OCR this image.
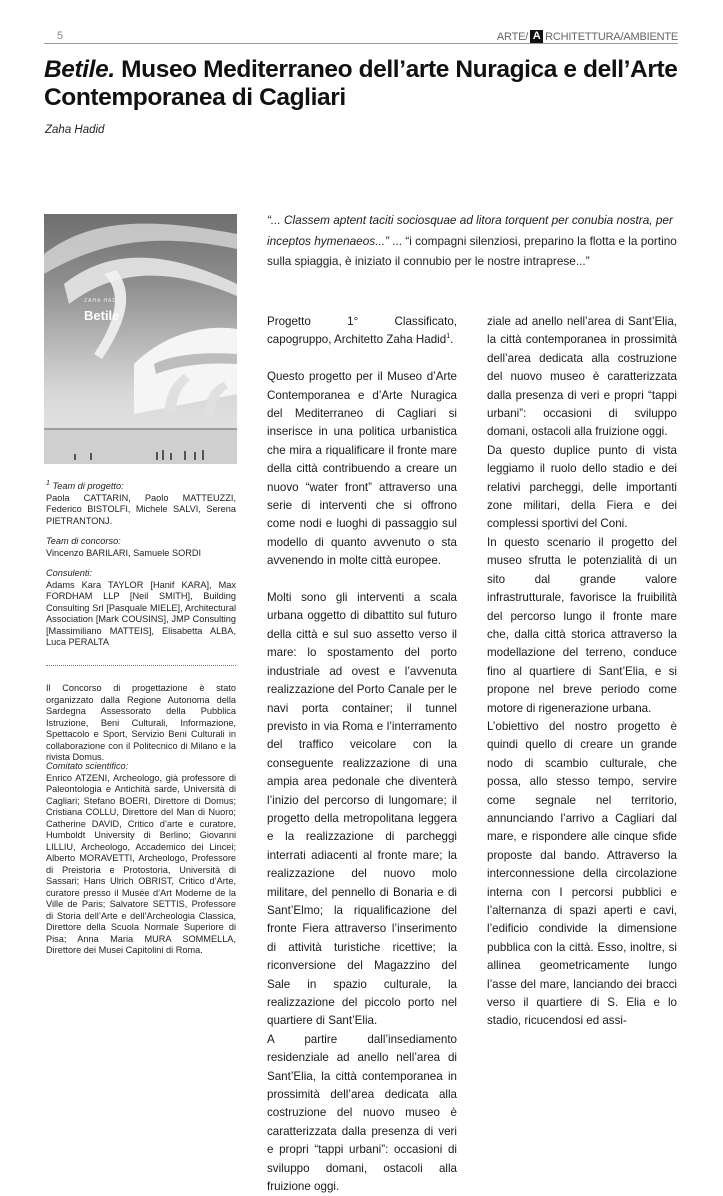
5	ARTE/ A RCHITETTURA/AMBIENTE
Betile. Museo Mediterraneo dell’arte Nuragica e dell’Arte Contemporanea di Cagliari
Zaha Hadid
ZAHA HADID
Betile
“... Classem aptent taciti sociosquae ad litora torquent per conubia nostra, per inceptos hymenaeos...” ... “i compagni silenziosi, preparino la flotta e la portino sulla spiaggia, è iniziato il connubio per le nostre intraprese...”
$^1$ Team di progetto:
Paola CATTARIN, Paolo MATTEUZZI, Federico BISTOLFI, Michele SALVI, Serena PIETRANTONJ.
Team di concorso:
Vincenzo BARILARI, Samuele SORDI
Consulenti:
Adams Kara TAYLOR [Hanif KARA], Max FORDHAM LLP [Neil SMITH], Building Consulting Srl [Pasquale MIELE], Architectural Association [Mark COUSINS], JMP Consulting [Massimiliano MATTEIS], Elisabetta ALBA, Luca PERALTA
Il Concorso di progettazione è stato organizzato dalla Regione Autonoma della Sardegna Assessorato della Pubblica Istruzione, Beni Culturali, Informazione, Spettacolo e Sport, Servizio Beni Culturali in collaborazione con il Politecnico di Milano e la rivista Domus.
Comitato scientifico:
Enrico ATZENI, Archeologo, già professore di Paleontologia e Antichità sarde, Università di Cagliari; Stefano BOERI, Direttore di Domus; Cristiana COLLU, Direttore del Man di Nuoro; Catherine DAVID, Critico d’arte e curatore, Humboldt University di Berlino; Giovanni LILLIU, Archeologo, Accademico dei Lincei; Alberto MORAVETTI, Archeologo, Professore di Preistoria e Protostoria, Università di Sassari; Hans Ulrich OBRIST, Critico d’Arte, curatore presso il Musée d’Art Moderne de la Ville de Paris; Salvatore SETTIS, Professore di Storia dell’Arte e dell’Archeologia Classica, Direttore della Scuola Normale Superiore di Pisa; Anna Maria MURA SOMMELLA, Direttore dei Musei Capitolini di Roma.

Progetto 1° Classificato, capogruppo, Architetto Zaha Hadid$^1$.

Questo progetto per il Museo d’Arte Contemporanea e d’Arte Nuragica del Mediterraneo di Cagliari si inserisce in una politica urbanistica che mira a riqualificare il fronte mare della città contribuendo a creare un nuovo “water front” attraverso una serie di interventi che si offrono come nodi e luoghi di passaggio sul modello di quanto avvenuto o sta avvenendo in molte città europee.

Molti sono gli interventi a scala urbana oggetto di dibattito sul futuro della città e sul suo assetto verso il mare: lo spostamento del porto industriale ad ovest e l’avvenuta realizzazione del Porto Canale per le navi porta container; il tunnel previsto in via Roma e l’interramento del traffico veicolare con la conseguente realizzazione di una ampia area pedonale che diventerà l’inizio del percorso di lungomare; il progetto della metropolitana leggera e la realizzazione di parcheggi interrati adiacenti al fronte mare; la realizzazione del nuovo molo militare, del pennello di Bonaria e di Sant’Elmo; la riqualificazione del fronte Fiera attraverso l’inserimento di attività turistiche ricettive; la riconversione del Magazzino del Sale in spazio culturale, la realizzazione del piccolo porto nel quartiere di Sant’Elia.

A partire dall’insediamento residenziale ad anello nell’area di Sant’Elia, la città contemporanea in prossimità dell’area dedicata alla costruzione del nuovo museo è caratterizzata dalla presenza di veri e propri “tappi urbani”: occasioni di sviluppo domani, ostacoli alla fruizione oggi.

ziale ad anello nell’area di Sant’Elia, la città contemporanea in prossimità dell’area dedicata alla costruzione del nuovo museo è caratterizzata dalla presenza di veri e propri “tappi urbani”: occasioni di sviluppo domani, ostacoli alla fruizione oggi.

Da questo duplice punto di vista leggiamo il ruolo dello stadio e dei relativi parcheggi, delle importanti zone militari, della Fiera e dei complessi sportivi del Coni.

In questo scenario il progetto del museo sfrutta le potenzialità di un sito dal grande valore infrastrutturale, favorisce la fruibilità del percorso lungo il fronte mare che, dalla città storica attraverso la modellazione del terreno, conduce fino al quartiere di Sant’Elia, e si propone nel breve periodo come motore di rigenerazione urbana.

L’obiettivo del nostro progetto è quindi quello di creare un grande nodo di scambio culturale, che possa, allo stesso tempo, servire come segnale nel territorio, annunciando l’arrivo a Cagliari dal mare, e rispondere alle cinque sfide proposte dal bando. Attraverso la interconnessione della circolazione interna con I percorsi pubblici e l’alternanza di spazi aperti e cavi, l’edificio condivide la dimensione pubblica con la città. Esso, inoltre, si allinea geometricamente lungo l’asse del mare, lanciando dei bracci verso il quartiere di S. Elia e lo stadio, ricucendosi ed assi-
